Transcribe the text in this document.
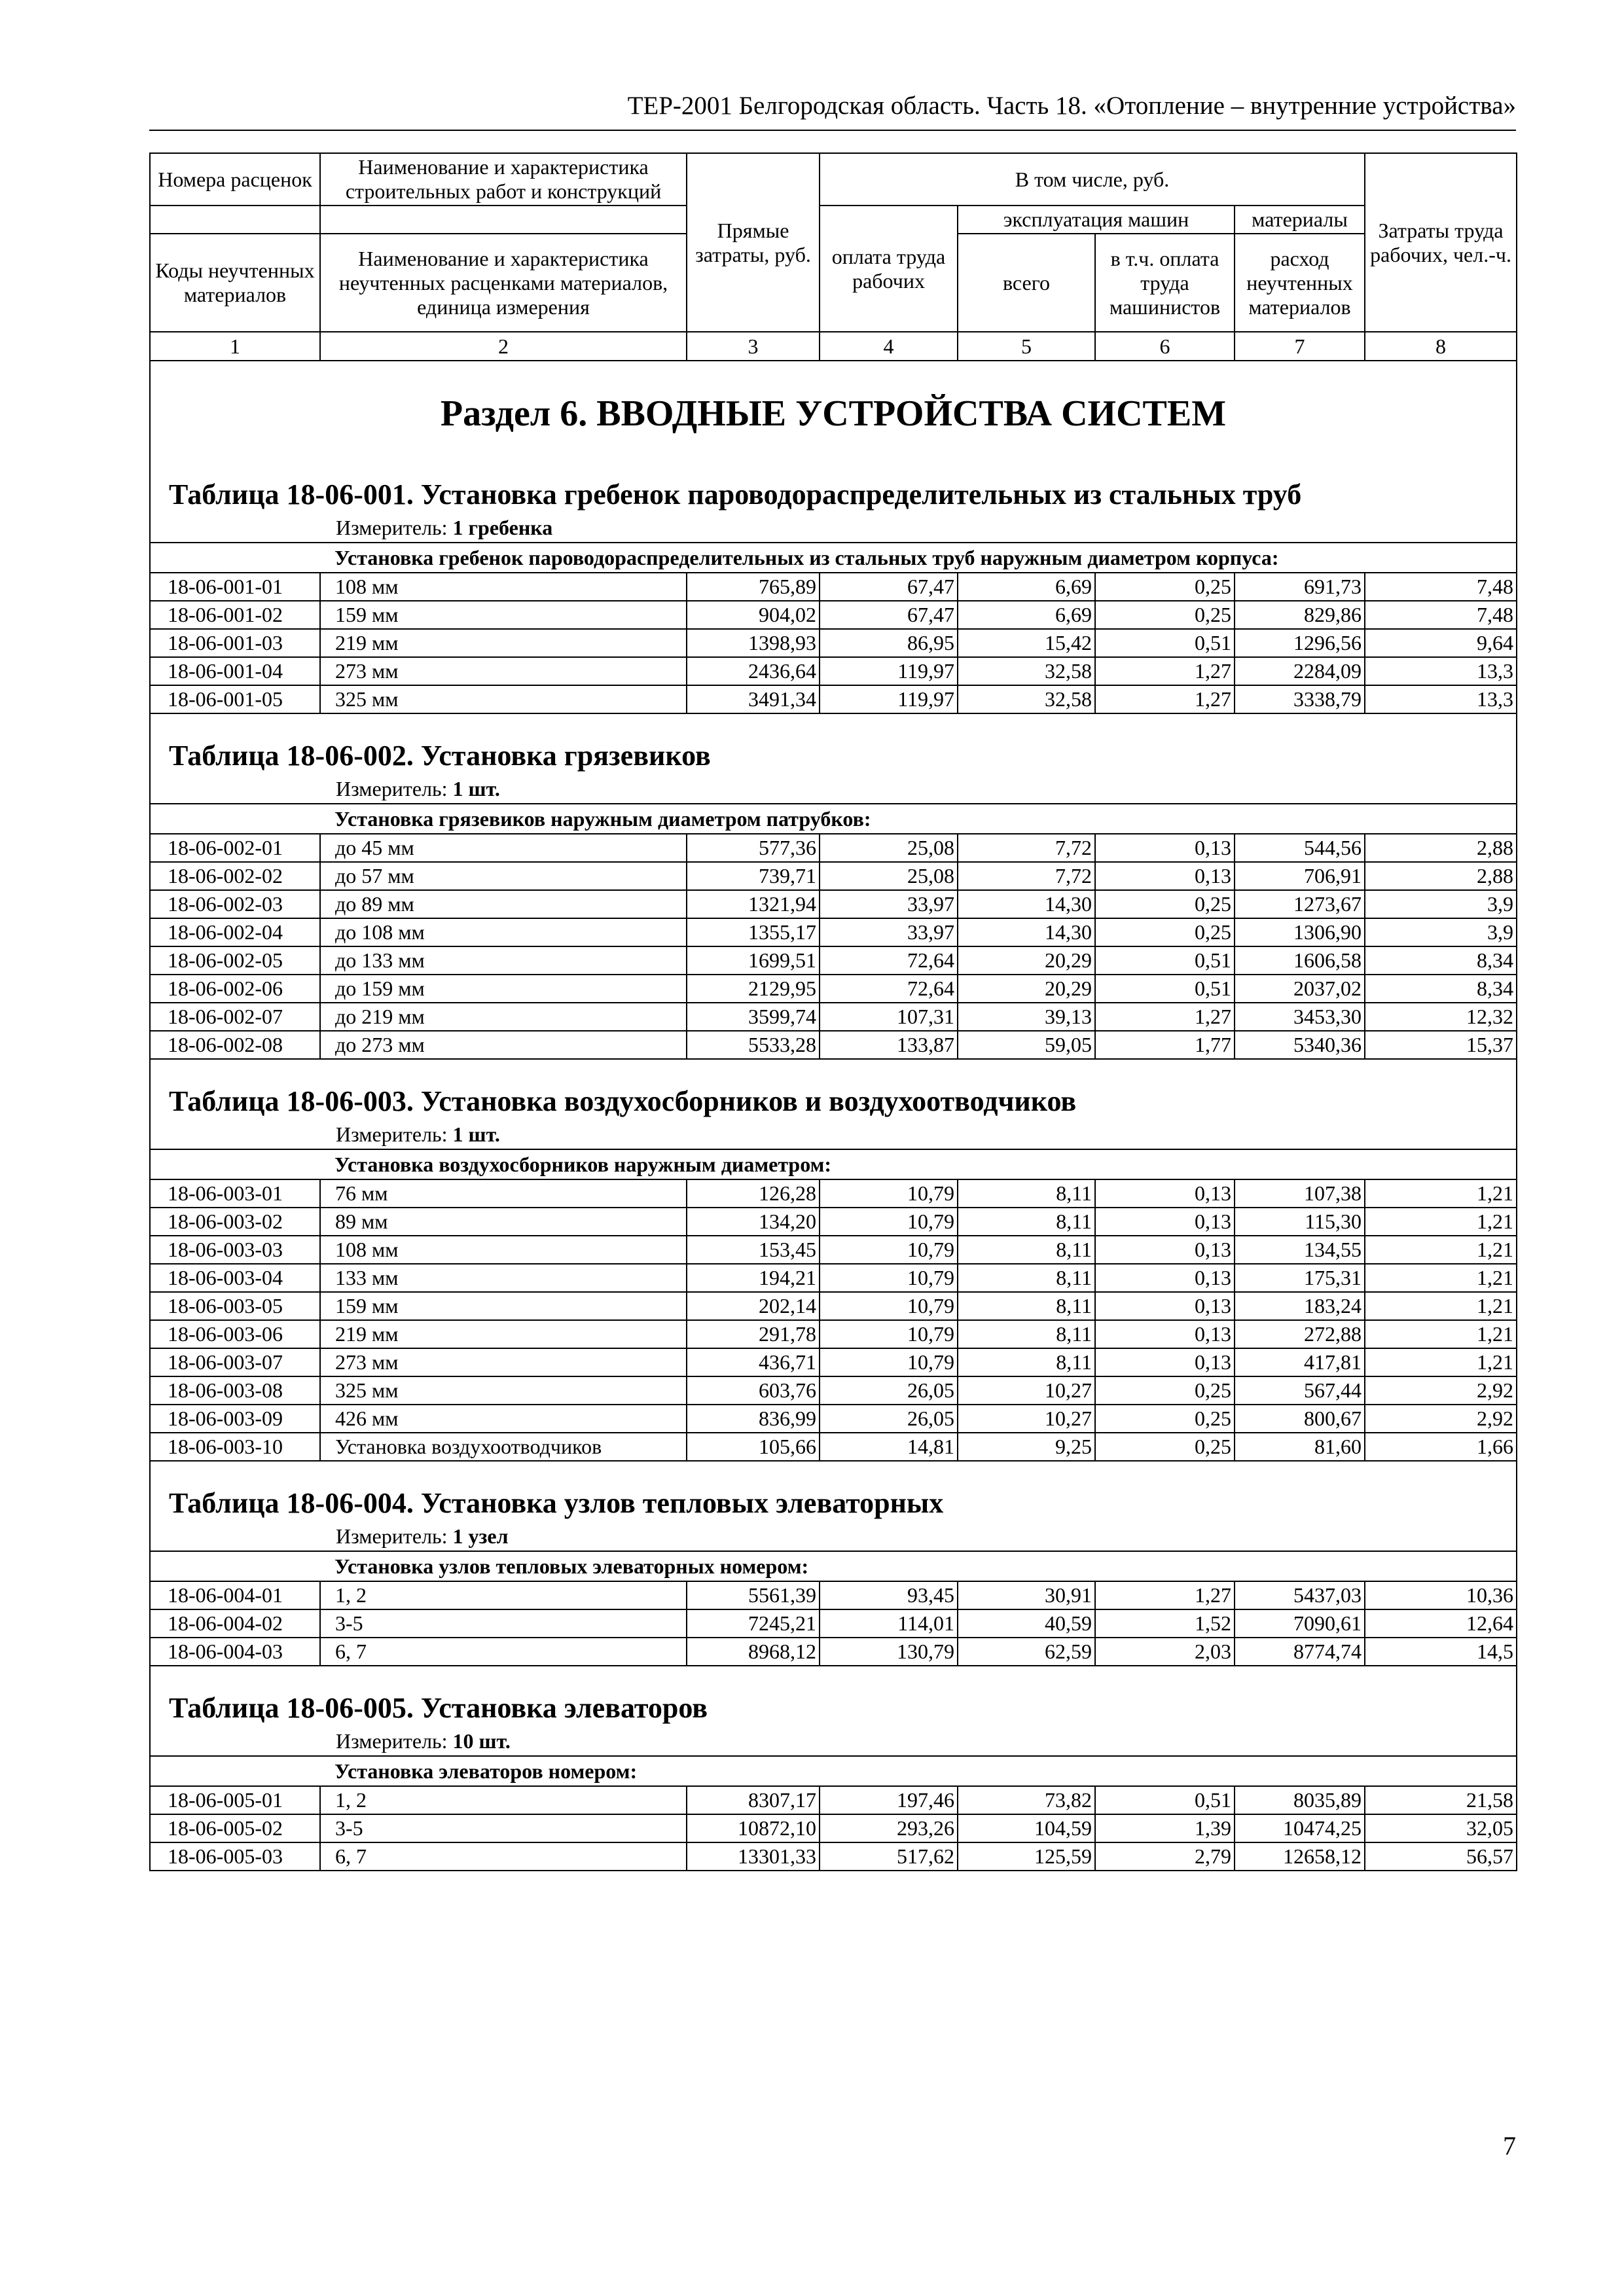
ТЕР-2001 Белгородская область. Часть 18. «Отопление – внутренние устройства»
Номера расценок	Наименование и характеристика строительных работ и конструкций	Прямые затраты, руб.	В том числе, руб.				Затраты труда рабочих, чел.-ч.
			оплата труда рабочих	эксплуатация машин		материалы	
Коды неучтенных материалов	Наименование и характеристика неучтенных расценками материалов, единица измерения			всего	в т.ч. оплата труда машинистов	расход неучтенных материалов	

1	2	3	4	5	6	7	8

Раздел 6. ВВОДНЫЕ УСТРОЙСТВА СИСТЕМ							

Таблица 18-06-001. Установка гребенок пароводораспределительных из стальных труб
Измеритель: 1 гребенка							

	Установка гребенок пароводораспределительных из стальных труб наружным диаметром корпуса:						
18-06-001-01	108 мм	765,89	67,47	6,69	0,25	691,73	7,48
18-06-001-02	159 мм	904,02	67,47	6,69	0,25	829,86	7,48
18-06-001-03	219 мм	1398,93	86,95	15,42	0,51	1296,56	9,64
18-06-001-04	273 мм	2436,64	119,97	32,58	1,27	2284,09	13,3
18-06-001-05	325 мм	3491,34	119,97	32,58	1,27	3338,79	13,3

Таблица 18-06-002. Установка грязевиков
Измеритель: 1 шт.							

	Установка грязевиков наружным диаметром патрубков:						
18-06-002-01	до 45 мм	577,36	25,08	7,72	0,13	544,56	2,88
18-06-002-02	до 57 мм	739,71	25,08	7,72	0,13	706,91	2,88
18-06-002-03	до 89 мм	1321,94	33,97	14,30	0,25	1273,67	3,9
18-06-002-04	до 108 мм	1355,17	33,97	14,30	0,25	1306,90	3,9
18-06-002-05	до 133 мм	1699,51	72,64	20,29	0,51	1606,58	8,34
18-06-002-06	до 159 мм	2129,95	72,64	20,29	0,51	2037,02	8,34
18-06-002-07	до 219 мм	3599,74	107,31	39,13	1,27	3453,30	12,32
18-06-002-08	до 273 мм	5533,28	133,87	59,05	1,77	5340,36	15,37

Таблица 18-06-003. Установка воздухосборников и воздухоотводчиков
Измеритель: 1 шт.							

	Установка воздухосборников наружным диаметром:						
18-06-003-01	76 мм	126,28	10,79	8,11	0,13	107,38	1,21
18-06-003-02	89 мм	134,20	10,79	8,11	0,13	115,30	1,21
18-06-003-03	108 мм	153,45	10,79	8,11	0,13	134,55	1,21
18-06-003-04	133 мм	194,21	10,79	8,11	0,13	175,31	1,21
18-06-003-05	159 мм	202,14	10,79	8,11	0,13	183,24	1,21
18-06-003-06	219 мм	291,78	10,79	8,11	0,13	272,88	1,21
18-06-003-07	273 мм	436,71	10,79	8,11	0,13	417,81	1,21
18-06-003-08	325 мм	603,76	26,05	10,27	0,25	567,44	2,92
18-06-003-09	426 мм	836,99	26,05	10,27	0,25	800,67	2,92
18-06-003-10	Установка воздухоотводчиков	105,66	14,81	9,25	0,25	81,60	1,66

Таблица 18-06-004. Установка узлов тепловых элеваторных
Измеритель: 1 узел							

	Установка узлов тепловых элеваторных номером:						
18-06-004-01	1, 2	5561,39	93,45	30,91	1,27	5437,03	10,36
18-06-004-02	3-5	7245,21	114,01	40,59	1,52	7090,61	12,64
18-06-004-03	6, 7	8968,12	130,79	62,59	2,03	8774,74	14,5

Таблица 18-06-005. Установка элеваторов
Измеритель: 10 шт.							

	Установка элеваторов номером:						
18-06-005-01	1, 2	8307,17	197,46	73,82	0,51	8035,89	21,58
18-06-005-02	3-5	10872,10	293,26	104,59	1,39	10474,25	32,05
18-06-005-03	6, 7	13301,33	517,62	125,59	2,79	12658,12	56,57
7
